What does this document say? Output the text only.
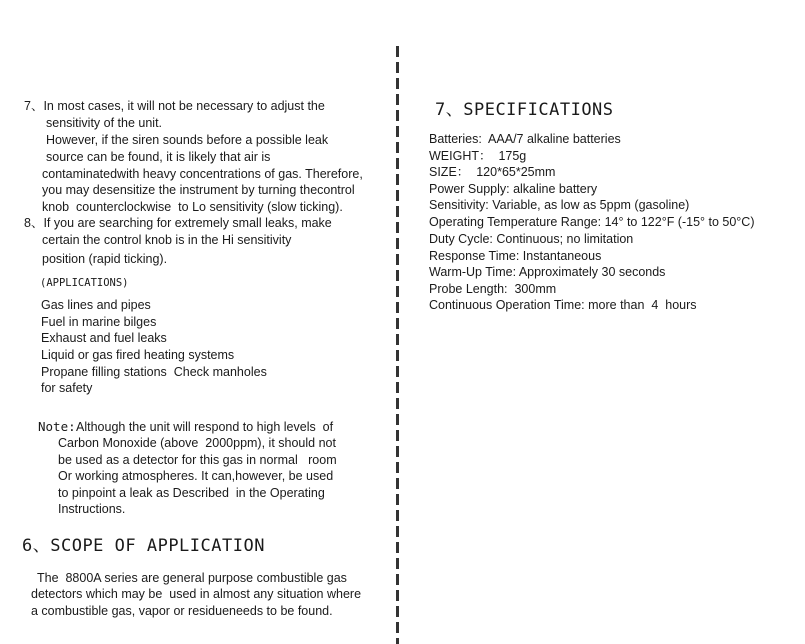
7、In most cases, it will not be necessary to adjust the
sensitivity of the unit.
However, if the siren sounds before a possible leak
source can be found, it is likely that air is
contaminatedwith heavy concentrations of gas. Therefore,
you may desensitize the instrument by turning thecontrol
knob  counterclockwise  to Lo sensitivity (slow ticking).
8、If you are searching for extremely small leaks, make
certain the control knob is in the Hi sensitivity
position (rapid ticking).
(APPLICATIONS)
Gas lines and pipes
Fuel in marine bilges
Exhaust and fuel leaks
Liquid or gas fired heating systems
Propane filling stations  Check manholes
for safety
Note: Although the unit will respond to high levels  of
Carbon Monoxide (above  2000ppm), it should not
be used as a detector for this gas in normal   room
Or working atmospheres. It can,however, be used
to pinpoint a leak as Described  in the Operating
Instructions.
6、SCOPE OF APPLICATION
The  8800A series are general purpose combustible gas
detectors which may be  used in almost any situation where
a combustible gas, vapor or residueneeds to be found.
7、SPECIFICATIONS
Batteries:  AAA/7 alkaline batteries
WEIGHT：  175g
SIZE：  120*65*25mm
Power Supply: alkaline battery
Sensitivity: Variable, as low as 5ppm (gasoline)
Operating Temperature Range: 14° to 122°F (-15° to 50°C)
Duty Cycle: Continuous; no limitation
Response Time: Instantaneous
Warm-Up Time: Approximately 30 seconds
Probe Length:  300mm
Continuous Operation Time: more than  4  hours
